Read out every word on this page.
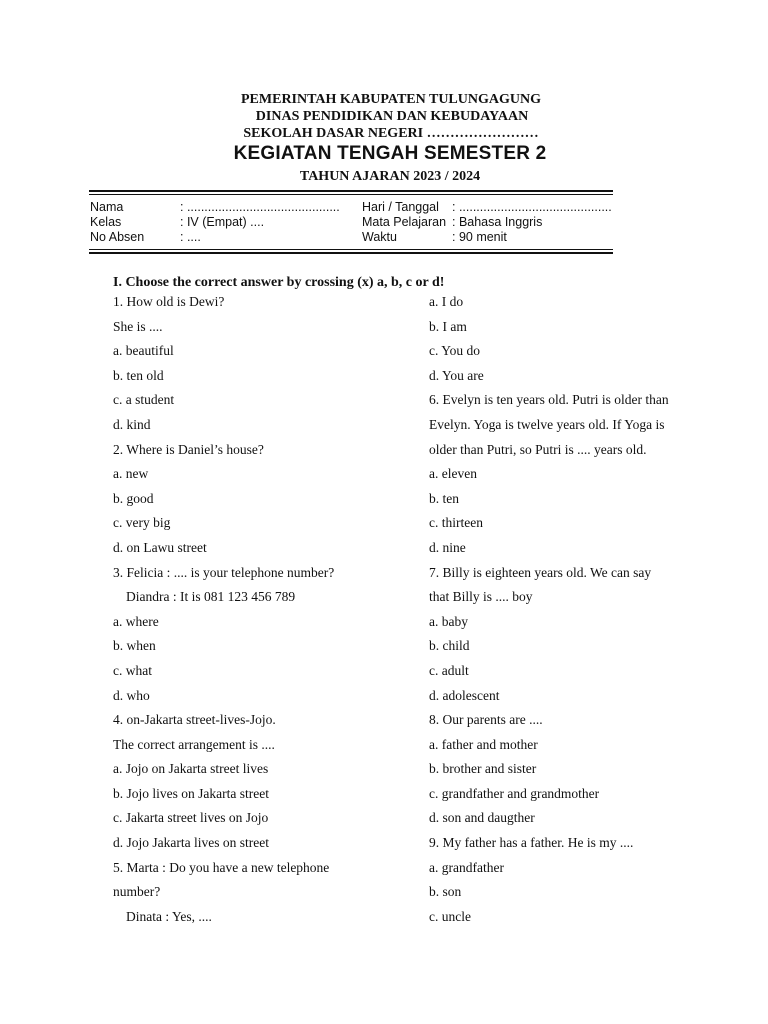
PEMERINTAH KABUPATEN TULUNGAGUNG
DINAS PENDIDIKAN DAN KEBUDAYAAN
SEKOLAH DASAR NEGERI ……………………
KEGIATAN TENGAH SEMESTER 2
TAHUN AJARAN 2023 / 2024
Nama	: ............................................
Kelas	: IV (Empat) ....
No Absen	: ....
Hari / Tanggal : ............................................
Mata Pelajaran : Bahasa Inggris
Waktu	: 90 menit
I. Choose the correct answer by crossing (x) a, b, c or d!
1. How old is Dewi?
She is ....
a. beautiful
b. ten old
c. a student
d. kind
2. Where is Daniel’s house?
a. new
b. good
c. very big
d. on Lawu street
3. Felicia : .... is your telephone number?
Diandra : It is 081 123 456 789
a. where
b. when
c. what
d. who
4. on-Jakarta street-lives-Jojo.
The correct arrangement is ....
a. Jojo on Jakarta street lives
b. Jojo lives on Jakarta street
c. Jakarta street lives on Jojo
d. Jojo Jakarta lives on street
5. Marta : Do you have a new telephone
number?
Dinata : Yes, ....
a. I do
b. I am
c. You do
d. You are
6. Evelyn is ten years old. Putri is older than
Evelyn. Yoga is twelve years old. If Yoga is
older than Putri, so Putri is .... years old.
a. eleven
b. ten
c. thirteen
d. nine
7. Billy is eighteen years old. We can say
that Billy is .... boy
a. baby
b. child
c. adult
d. adolescent
8. Our parents are ....
a. father and mother
b. brother and sister
c. grandfather and grandmother
d. son and daugther
9. My father has a father. He is my ....
a. grandfather
b. son
c. uncle
